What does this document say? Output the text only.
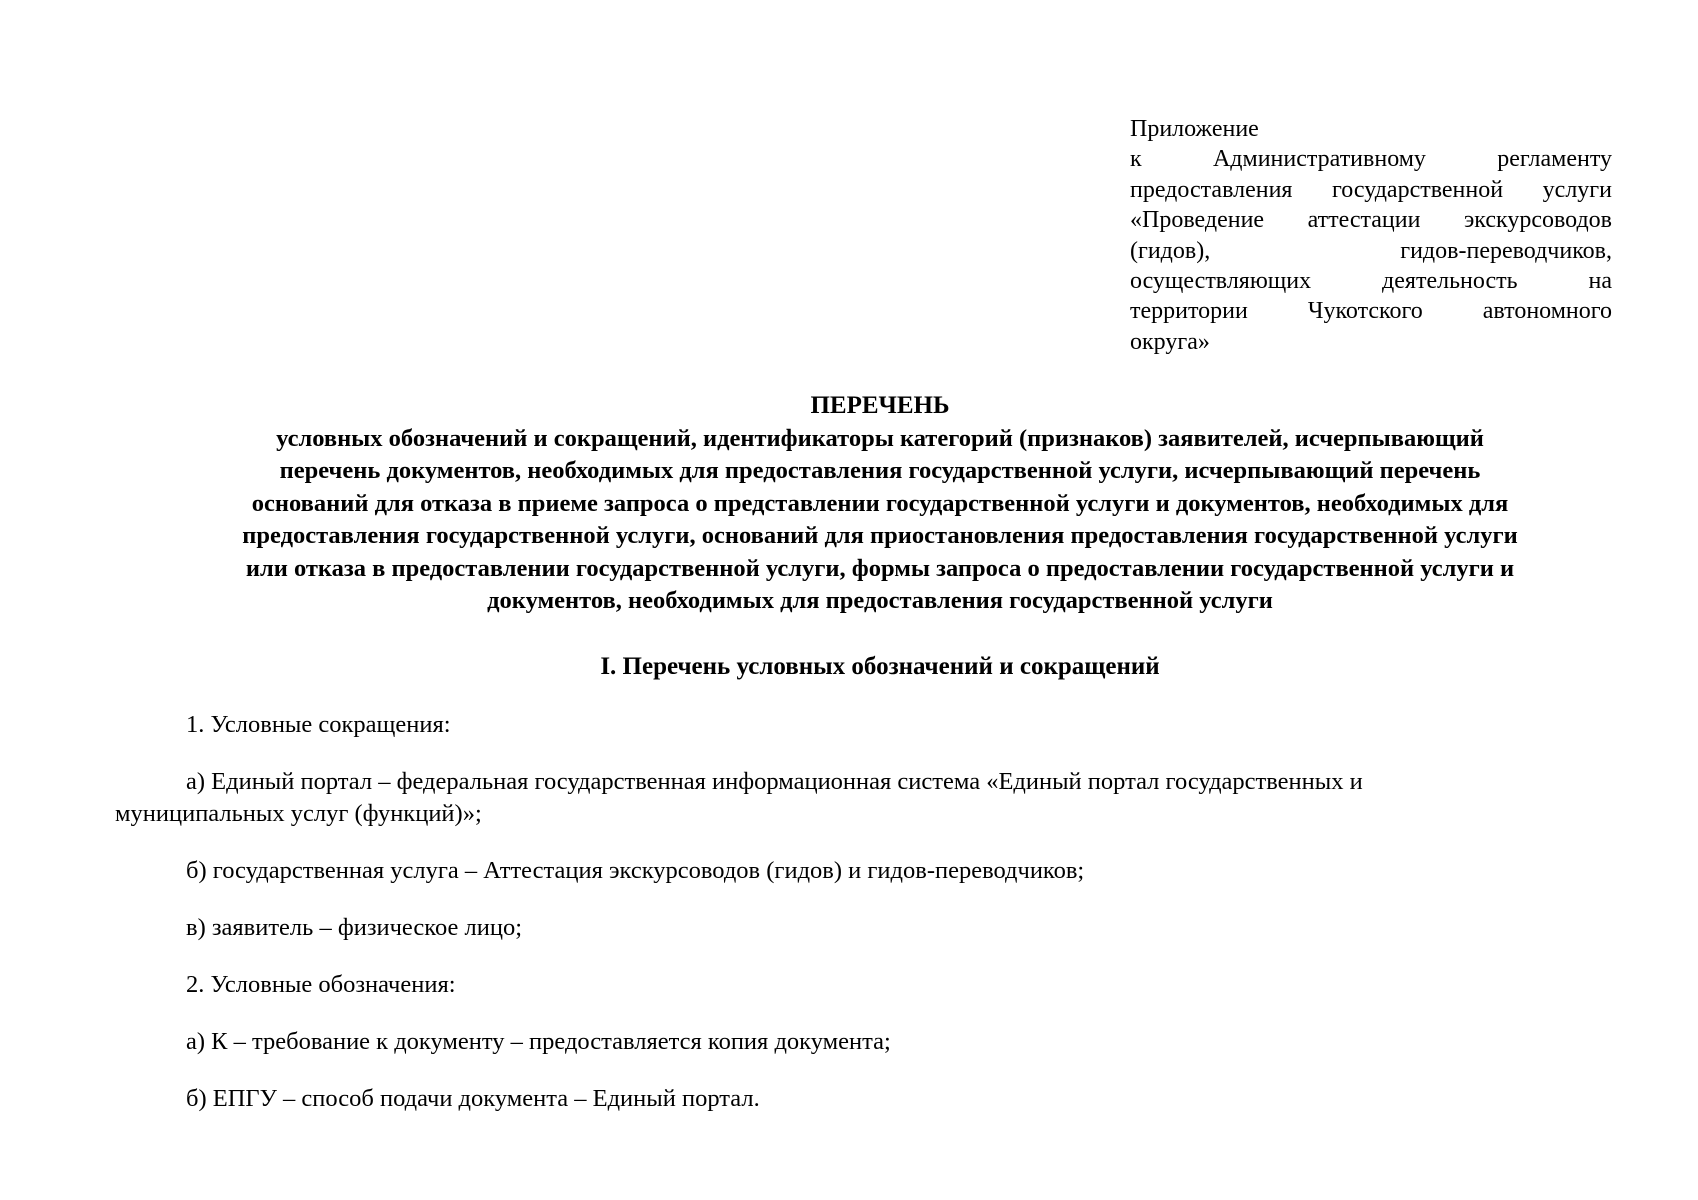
Приложение
к Административному регламенту
предоставления государственной услуги
«Проведение аттестации экскурсоводов
(гидов), гидов-переводчиков,
осуществляющих деятельность на
территории Чукотского автономного
округа»
ПЕРЕЧЕНЬ
условных обозначений и сокращений, идентификаторы категорий (признаков) заявителей, исчерпывающий
перечень документов, необходимых для предоставления государственной услуги, исчерпывающий перечень
оснований для отказа в приеме запроса о представлении государственной услуги и документов, необходимых для
предоставления государственной услуги, оснований для приостановления предоставления государственной услуги
или отказа в предоставлении государственной услуги, формы запроса о предоставлении государственной услуги и
документов, необходимых для предоставления государственной услуги
I. Перечень условных обозначений и сокращений
1. Условные сокращения:
а) Единый портал – федеральная государственная информационная система «Единый портал государственных и
муниципальных услуг (функций)»;
б) государственная услуга – Аттестация экскурсоводов (гидов) и гидов-переводчиков;
в) заявитель – физическое лицо;
2. Условные обозначения:
а) К – требование к документу – предоставляется копия документа;
б) ЕПГУ – способ подачи документа – Единый портал.
